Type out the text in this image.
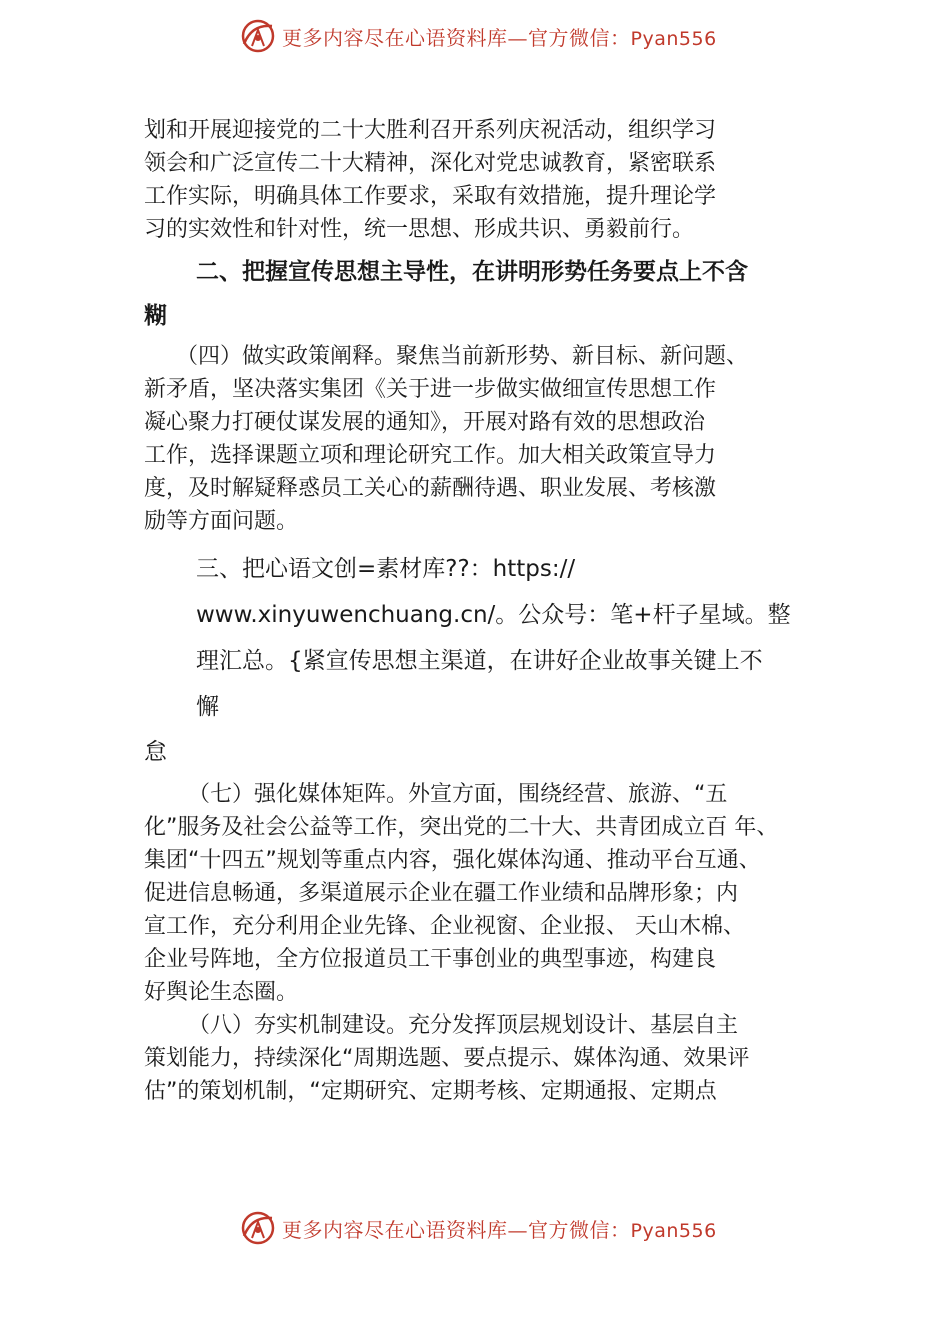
更多内容尽在心语资料库—官方微信：Pyan556

划和开展迎接党的二十大胜利召开系列庆祝活动，组织学习

领会和广泛宣传二十大精神，深化对党忠诚教育，紧密联系

工作实际，明确具体工作要求，采取有效措施，提升理论学

习的实效性和针对性，统一思想、形成共识、勇毅前行。

二、把握宣传思想主导性，在讲明形势任务要点上不含
糊

（四）做实政策阐释。聚焦当前新形势、新目标、新问题、

新矛盾，坚决落实集团《关于进一步做实做细宣传思想工作

凝心聚力打硬仗谋发展的通知》，开展对路有效的思想政治

工作，选择课题立项和理论研究工作。加大相关政策宣导力

度，及时解疑释惑员工关心的薪酬待遇、职业发展、考核激

励等方面问题。

三、把心语文创=素材库??：https://
www.xinyuwenchuang.cn/。公众号：笔+杆子星域。整
理汇总。{紧宣传思想主渠道，在讲好企业故事关键上不
懈
怠

（七）强化媒体矩阵。外宣方面，围绕经营、旅游、“五

化”服务及社会公益等工作，突出党的二十大、共青团成立百 年、

集团“十四五”规划等重点内容，强化媒体沟通、推动平台互通、

促进信息畅通，多渠道展示企业在疆工作业绩和品牌形象；内

宣工作，充分利用企业先锋、企业视窗、企业报、 天山木棉、

企业号阵地，全方位报道员工干事创业的典型事迹，构建良

好舆论生态圈。

（八）夯实机制建设。充分发挥顶层规划设计、基层自主

策划能力，持续深化“周期选题、要点提示、媒体沟通、效果评

估”的策划机制，“定期研究、定期考核、定期通报、定期点

更多内容尽在心语资料库—官方微信：Pyan556
